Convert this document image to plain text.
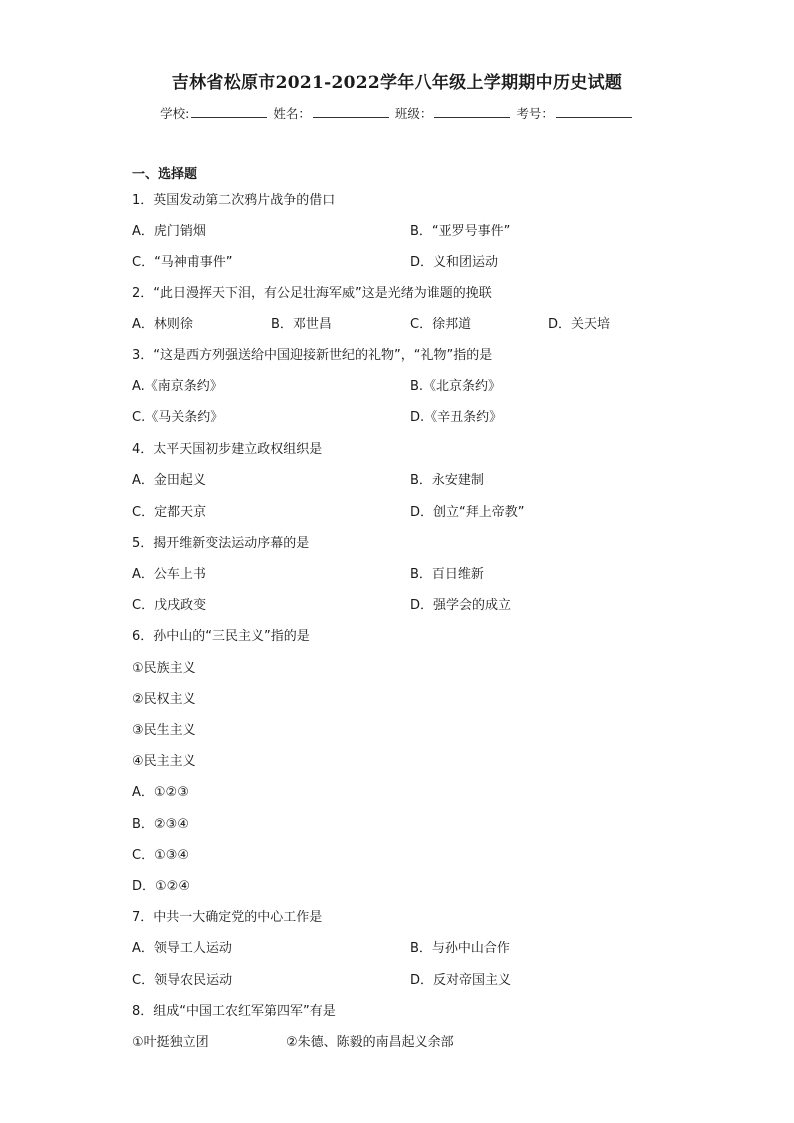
吉林省松原市2021-2022学年八年级上学期期中历史试题
学校:	姓名：	班级：	考号：
一、选择题
1．英国发动第二次鸦片战争的借口
A．虎门销烟	B．“亚罗号事件”
C．“马神甫事件”	D．义和团运动
2．“此日漫挥天下泪，有公足壮海军威”这是光绪为谁题的挽联
A．林则徐	B．邓世昌	C．徐邦道	D．关天培
3．“这是西方列强送给中国迎接新世纪的礼物”，“礼物”指的是
A.《南京条约》	B.《北京条约》
C.《马关条约》	D.《辛丑条约》
4．太平天国初步建立政权组织是
A．金田起义	B．永安建制
C．定都天京	D．创立“拜上帝教”
5．揭开维新变法运动序幕的是
A．公车上书	B．百日维新
C．戊戌政变	D．强学会的成立
6．孙中山的“三民主义”指的是
①民族主义
②民权主义
③民生主义
④民主主义
A．①②③
B．②③④
C．①③④
D．①②④
7．中共一大确定党的中心工作是
A．领导工人运动	B．与孙中山合作
C．领导农民运动	D．反对帝国主义
8．组成“中国工农红军第四军”有是
①叶挺独立团	②朱德、陈毅的南昌起义余部
